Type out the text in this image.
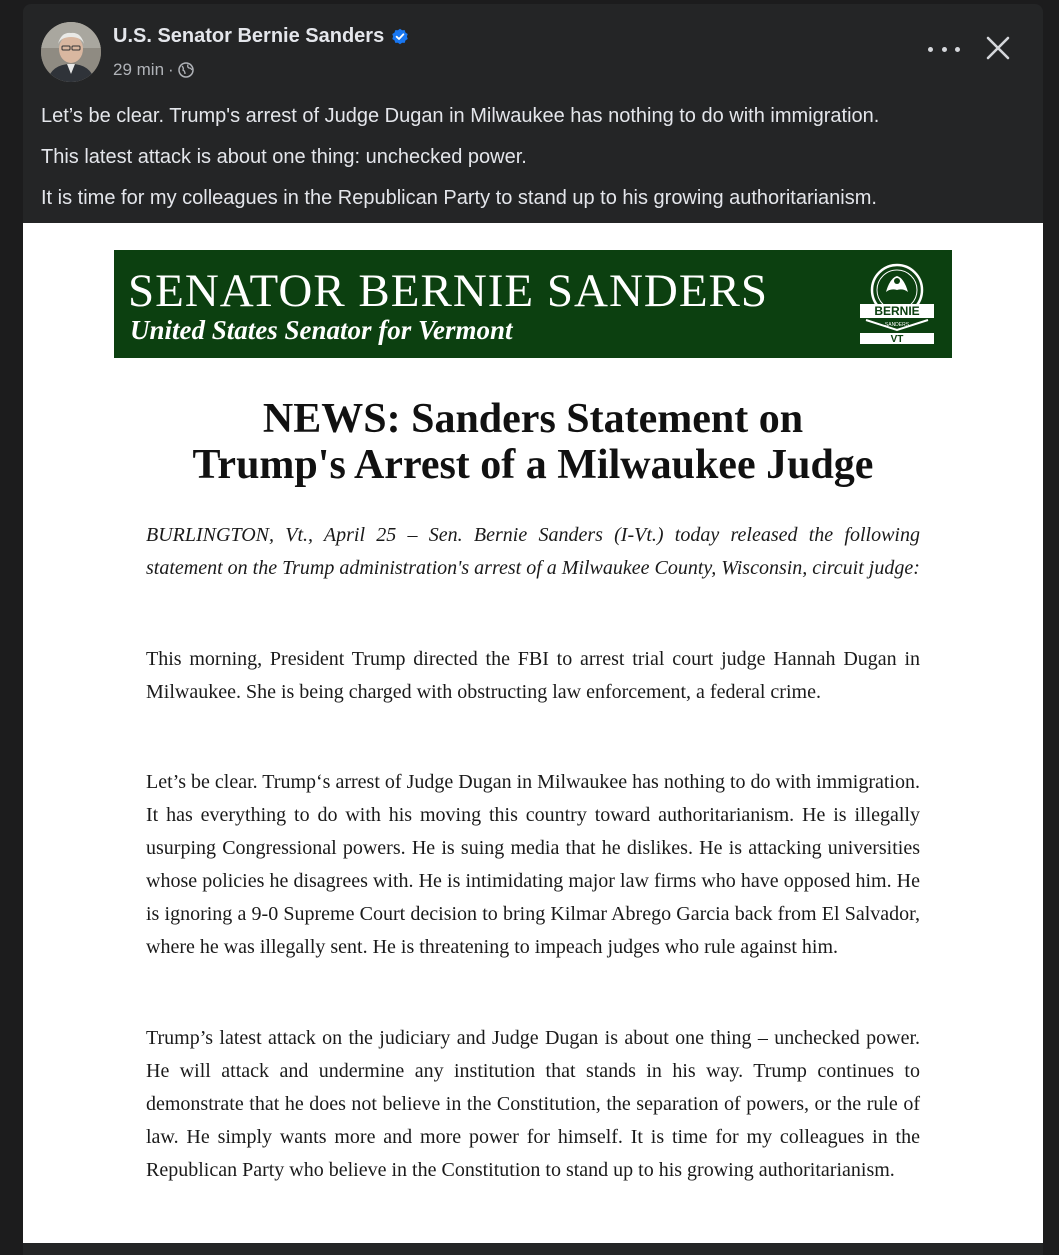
U.S. Senator Bernie Sanders
29 min ·

Let’s be clear. Trump's arrest of Judge Dugan in Milwaukee has nothing to do with immigration.

This latest attack is about one thing: unchecked power.

It is time for my colleagues in the Republican Party to stand up to his growing authoritarianism.

SENATOR BERNIE SANDERS
United States Senator for Vermont
BERNIE
SANDERS
VT
NEWS: Sanders Statement on
Trump's Arrest of a Milwaukee Judge
BURLINGTON, Vt., April 25 – Sen. Bernie Sanders (I-Vt.) today released the following statement on the Trump administration's arrest of a Milwaukee County, Wisconsin, circuit judge:
This morning, President Trump directed the FBI to arrest trial court judge Hannah Dugan in Milwaukee. She is being charged with obstructing law enforcement, a federal crime.
Let’s be clear. Trump‘s arrest of Judge Dugan in Milwaukee has nothing to do with immigration. It has everything to do with his moving this country toward authoritarianism. He is illegally usurping Congressional powers. He is suing media that he dislikes. He is attacking universities whose policies he disagrees with. He is intimidating major law firms who have opposed him. He is ignoring a 9-0 Supreme Court decision to bring Kilmar Abrego Garcia back from El Salvador, where he was illegally sent. He is threatening to impeach judges who rule against him.
Trump’s latest attack on the judiciary and Judge Dugan is about one thing – unchecked power. He will attack and undermine any institution that stands in his way. Trump continues to demonstrate that he does not believe in the Constitution, the separation of powers, or the rule of law. He simply wants more and more power for himself. It is time for my colleagues in the Republican Party who believe in the Constitution to stand up to his growing authoritarianism.
